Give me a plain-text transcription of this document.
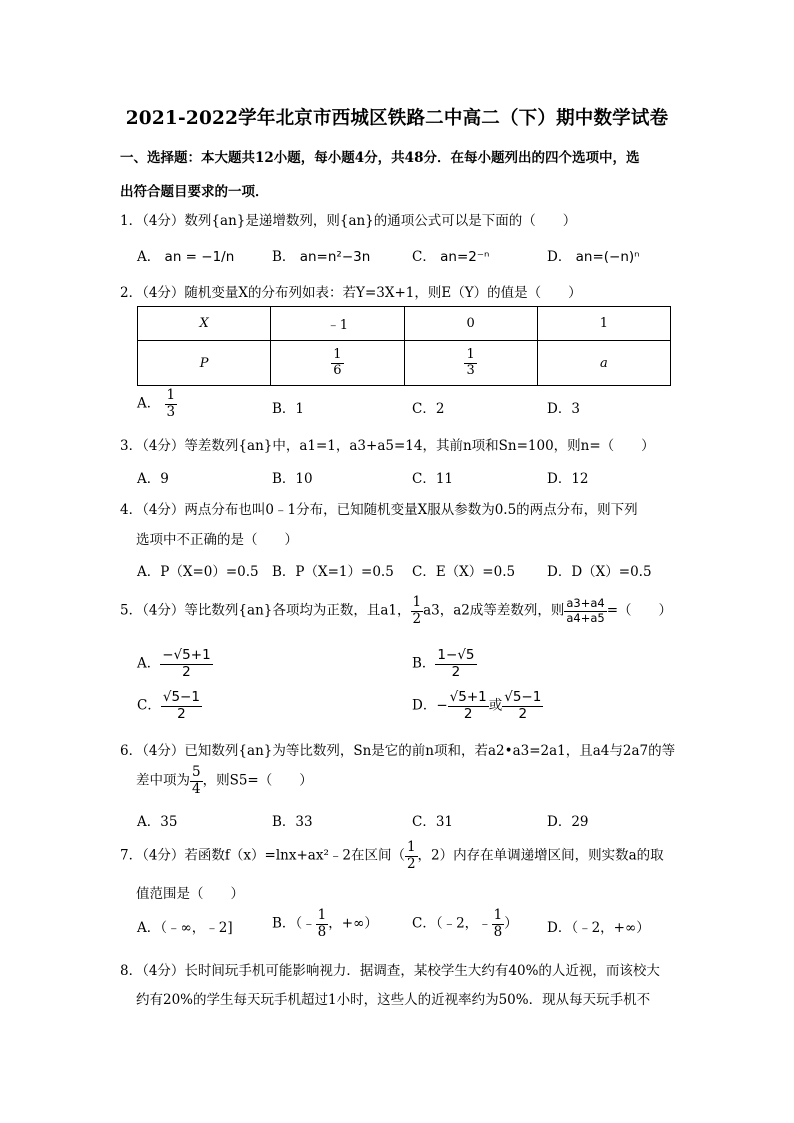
2021-2022学年北京市西城区铁路二中高二（下）期中数学试卷
一、选择题：本大题共12小题，每小题4分，共48分．在每小题列出的四个选项中，选
出符合题目要求的一项．
1．（4分）数列{an}是递增数列，则{an}的通项公式可以是下面的（　　）
A． an = −1/n	B． an=n²−3n	C． an=2⁻ⁿ	D． an=(−n)ⁿ
2．（4分）随机变量X的分布列如表：若Y=3X+1，则E（Y）的值是（　　）
X	﹣1	0	1
P	$\frac{1}{6}$	$\frac{1}{3}$	a
A． $\frac{1}{3}$	B．1	C．2	D．3
3．（4分）等差数列{an}中，a1=1，a3+a5=14，其前n项和Sn=100，则n=（　　）
A．9	B．10	C．11	D．12
4．（4分）两点分布也叫0﹣1分布，已知随机变量X服从参数为0.5的两点分布，则下列
选项中不正确的是（　　）
A．P（X=0）=0.5 B．P（X=1）=0.5 C．E（X）=0.5 D．D（X）=0.5
5．（4分）等比数列{an}各项均为正数，且a1， $\frac{1}{2} a3$，a2成等差数列，则 $\frac{a3+a4}{a4+a5}$ =（　　）
A． $\frac{-√5+1}{2}$	B． $\frac{1-√5}{2}$
C． $\frac{√5-1}{2}$	D．− $\frac{√5+1}{2}$ 或 $\frac{√5-1}{2}$
6．（4分）已知数列{an}为等比数列，Sn是它的前n项和，若a2•a3=2a1，且a4与2a7的等
差中项为 $\frac{5}{4}$ ，则S5=（　　）
A．35	B．33	C．31	D．29
7．（4分）若函数f（x）=lnx+ax²﹣2在区间（ $\frac{1}{2}$ ，2）内存在单调递增区间，则实数a的取
值范围是（　　）
A．（﹣∞，﹣2]	B．（﹣ $\frac{1}{8}$ ，+∞）	C．（﹣2，﹣ $\frac{1}{8}$ ） D．（﹣2，+∞）
8．（4分）长时间玩手机可能影响视力．据调查，某校学生大约有40%的人近视，而该校大
约有20%的学生每天玩手机超过1小时，这些人的近视率约为50%．现从每天玩手机不
